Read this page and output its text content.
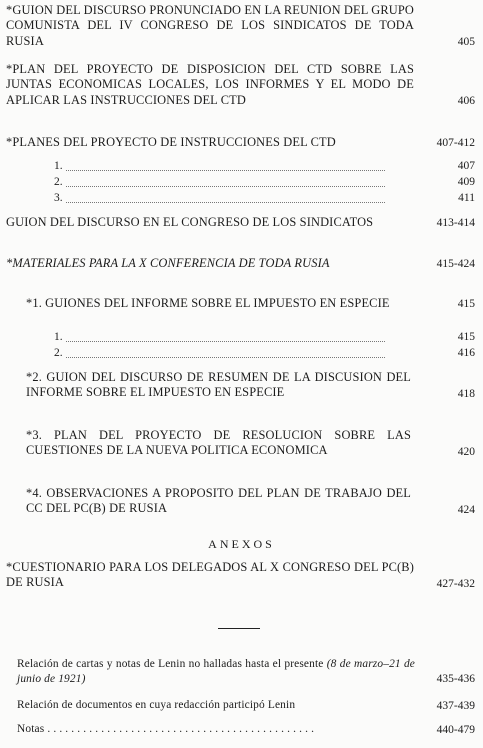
*GUION DEL DISCURSO PRONUNCIADO EN LA REUNION DEL GRUPO COMUNISTA DEL IV CONGRESO DE LOS SINDICATOS DE TODA RUSIA	405
*PLAN DEL PROYECTO DE DISPOSICION DEL CTD SOBRE LAS JUNTAS ECONOMICAS LOCALES, LOS INFORMES Y EL MODO DE APLICAR LAS INSTRUCCIONES DEL CTD	406
*PLANES DEL PROYECTO DE INSTRUCCIONES DEL CTD	407-412
1.	407
2.	409
3.	411
GUION DEL DISCURSO EN EL CONGRESO DE LOS SINDICATOS	413-414
*MATERIALES PARA LA X CONFERENCIA DE TODA RUSIA	415-424
*1. GUIONES DEL INFORME SOBRE EL IMPUESTO EN ESPECIE	415
1.	415
2.	416
*2. GUION DEL DISCURSO DE RESUMEN DE LA DISCUSION DEL INFORME SOBRE EL IMPUESTO EN ESPECIE	418
*3. PLAN DEL PROYECTO DE RESOLUCION SOBRE LAS CUESTIONES DE LA NUEVA POLITICA ECONOMICA	420
*4. OBSERVACIONES A PROPOSITO DEL PLAN DE TRABAJO DEL CC DEL PC(B) DE RUSIA	424
ANEXOS
*CUESTIONARIO PARA LOS DELEGADOS AL X CONGRESO DEL PC(B) DE RUSIA	427-432
Relación de cartas y notas de Lenin no halladas hasta el presente (8 de marzo–21 de junio de 1921)	435-436
Relación de documentos en cuya redacción participó Lenin	437-439
Notas . . . . . . . . . . . . . . . . . . . . . . . . . . . . . . . . . . . . . . . . . . . . .	440-479
